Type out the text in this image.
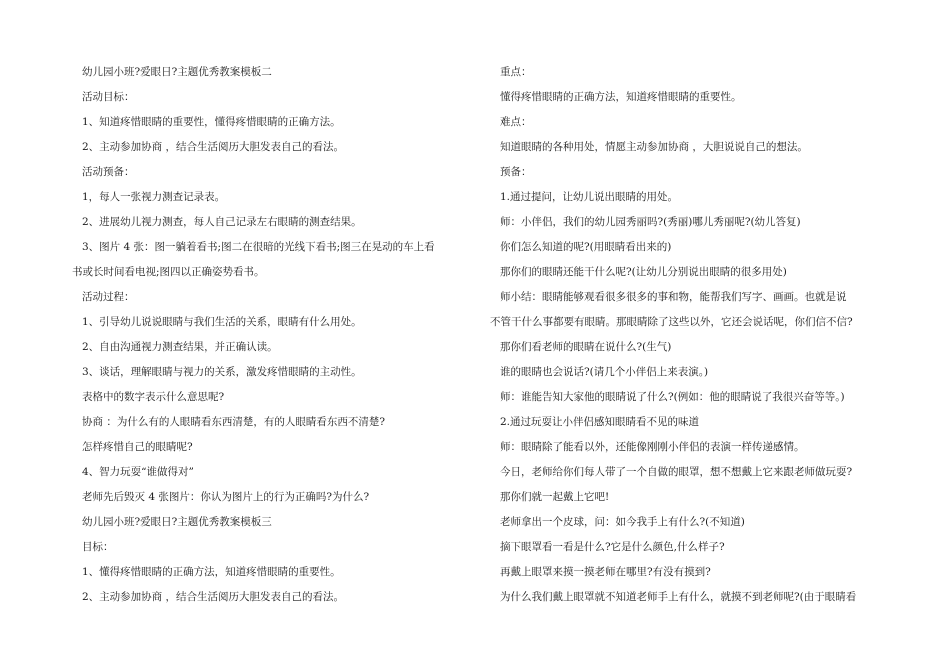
幼儿园小班?爱眼日?主题优秀教案模板二
活动目标：
1、知道疼惜眼睛的重要性，懂得疼惜眼睛的正确方法。
2、主动参加协商 ，结合生活阅历大胆发表自己的看法。
活动预备：
1，每人一张视力测查记录表。
2、进展幼儿视力测查，每人自己记录左右眼睛的测查结果。
3、图片 4 张：图一躺着看书;图二在很暗的光线下看书;图三在晃动的车上看
书或长时间看电视;图四以正确姿势看书。
活动过程：
1、引导幼儿说说眼睛与我们生活的关系，眼睛有什么用处。
2、自由沟通视力测查结果，并正确认读。
3、谈话，理解眼睛与视力的关系，激发疼惜眼睛的主动性。
表格中的数字表示什么意思呢?
协商 ：为什么有的人眼睛看东西清楚，有的人眼睛看东西不清楚?
怎样疼惜自己的眼睛呢?
4、智力玩耍“谁做得对”
老师先后毁灭 4 张图片：你认为图片上的行为正确吗?为什么?
幼儿园小班?爱眼日?主题优秀教案模板三
目标：
1、懂得疼惜眼睛的正确方法，知道疼惜眼睛的重要性。
2、主动参加协商 ，结合生活阅历大胆发表自己的看法。
重点：
懂得疼惜眼睛的正确方法，知道疼惜眼睛的重要性。
难点：
知道眼睛的各种用处，情愿主动参加协商 ，大胆说说自己的想法。
预备：
1.通过提问，让幼儿说出眼睛的用处。
师：小伴侣，我们的幼儿园秀丽吗?(秀丽)哪儿秀丽呢?(幼儿答复)
你们怎么知道的呢?(用眼睛看出来的)
那你们的眼睛还能干什么呢?(让幼儿分别说出眼睛的很多用处)
师小结：眼睛能够观看很多很多的事和物，能帮我们写字、画画。也就是说
不管干什么事都要有眼睛。那眼睛除了这些以外，它还会说话呢，你们信不信?
那你们看老师的眼睛在说什么?(生气)
谁的眼睛也会说话?(请几个小伴侣上来表演。)
师：谁能告知大家他的眼睛说了什么?(例如：他的眼睛说了我很兴奋等等。)
2.通过玩耍让小伴侣感知眼睛看不见的味道
师：眼睛除了能看以外，还能像刚刚小伴侣的表演一样传递感情。
今日，老师给你们每人带了一个自做的眼罩，想不想戴上它来跟老师做玩耍?
那你们就一起戴上它吧!
老师拿出一个皮球，问：如今我手上有什么?(不知道)
摘下眼罩看一看是什么?它是什么颜色,什么样子?
再戴上眼罩来摸一摸老师在哪里?有没有摸到?
为什么我们戴上眼罩就不知道老师手上有什么，就摸不到老师呢?(由于眼睛看
